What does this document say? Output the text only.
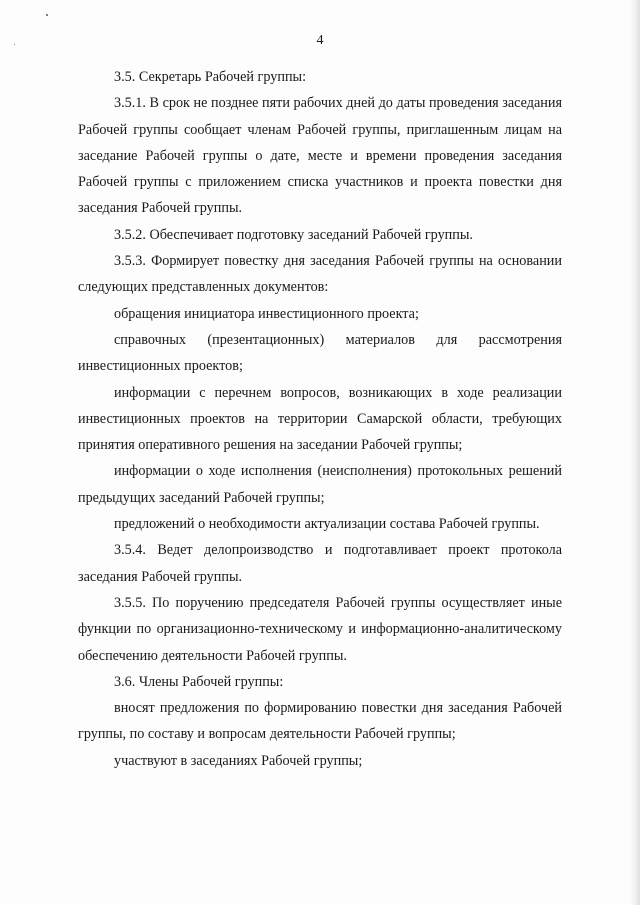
4

3.5. Секретарь Рабочей группы:

3.5.1. В срок не позднее пяти рабочих дней до даты проведения заседания Рабочей группы сообщает членам Рабочей группы, приглашенным лицам на заседание Рабочей группы о дате, месте и времени проведения заседания Рабочей группы с приложением списка участников и проекта повестки дня заседания Рабочей группы.

3.5.2. Обеспечивает подготовку заседаний Рабочей группы.

3.5.3. Формирует повестку дня заседания Рабочей группы на основании следующих представленных документов:

обращения инициатора инвестиционного проекта;

справочных (презентационных) материалов для рассмотрения инвестиционных проектов;

информации с перечнем вопросов, возникающих в ходе реализации инвестиционных проектов на территории Самарской области, требующих принятия оперативного решения на заседании Рабочей группы;

информации о ходе исполнения (неисполнения) протокольных решений предыдущих заседаний Рабочей группы;

предложений о необходимости актуализации состава Рабочей группы.

3.5.4. Ведет делопроизводство и подготавливает проект протокола заседания Рабочей группы.

3.5.5. По поручению председателя Рабочей группы осуществляет иные функции по организационно-техническому и информационно-аналитическому обеспечению деятельности Рабочей группы.

3.6. Члены Рабочей группы:

вносят предложения по формированию повестки дня заседания Рабочей группы, по составу и вопросам деятельности Рабочей группы;

участвуют в заседаниях Рабочей группы;
